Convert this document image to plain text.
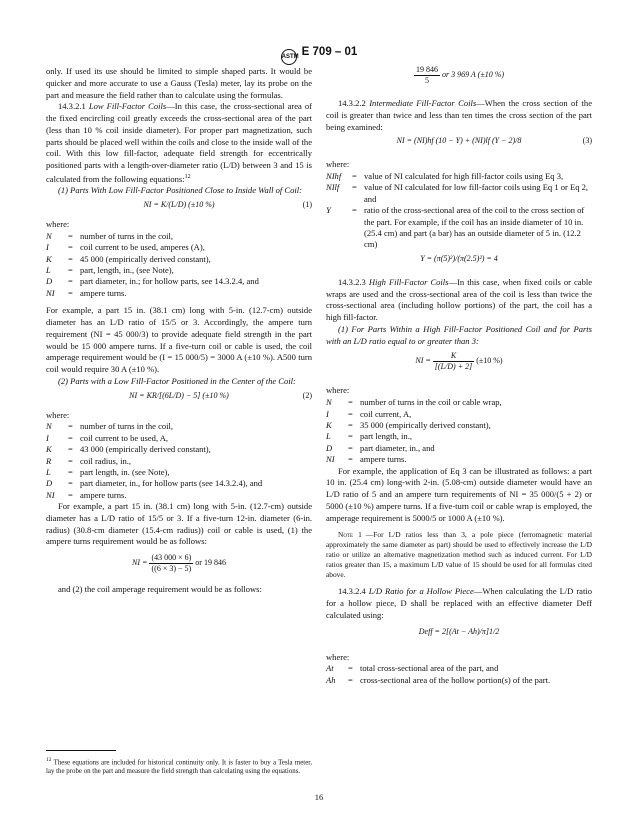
ASTM E 709 – 01

only. If used its use should be limited to simple shaped parts. It would be quicker and more accurate to use a Gauss (Tesla) meter, lay its probe on the part and measure the field rather than to calculate using the formulas.

14.3.2.1 Low Fill-Factor Coils—In this case, the cross-sectional area of the fixed encircling coil greatly exceeds the cross-sectional area of the part (less than 10 % coil inside diameter). For proper part magnetization, such parts should be placed well within the coils and close to the inside wall of the coil. With this low fill-factor, adequate field strength for eccentrically positioned parts with a length-over-diameter ratio (L/D) between 3 and 15 is calculated from the following equations:$^{12}$

(1) Parts With Low Fill-Factor Positioned Close to Inside Wall of Coil:

NI = K/(L/D) (±10 %)	(1)

where:

N	= number of turns in the coil,
I	= coil current to be used, amperes (A),
K	= 45 000 (empirically derived constant),
L	= part, length, in., (see Note),
D	= part diameter, in.; for hollow parts, see 14.3.2.4, and
NI	= ampere turns.

For example, a part 15 in. (38.1 cm) long with 5-in. (12.7-cm) outside diameter has an L/D ratio of 15/5 or 3. Accordingly, the ampere turn requirement (NI = 45 000/3) to provide adequate field strength in the part would be 15 000 ampere turns. If a five-turn coil or cable is used, the coil amperage requirement would be (I = 15 000/5) = 3000 A (±10 %). A500 turn coil would require 30 A (±10 %).

(2) Parts with a Low Fill-Factor Positioned in the Center of the Coil:

NI = KR/[(6L/D) − 5] (±10 %)	(2)

where:

N	= number of turns in the coil,
I	= coil current to be used, A,
K	= 43 000 (empirically derived constant),
R	= coil radius, in.,
L	= part length, in. (see Note),
D	= part diameter, in., for hollow parts (see 14.3.2.4), and
NI	= ampere turns.

For example, a part 15 in. (38.1 cm) long with 5-in. (12.7-cm) outside diameter has a L/D ratio of 15/5 or 3. If a five-turn 12-in. diameter (6-in. radius) (30.8-cm diameter (15.4-cm radius)) coil or cable is used, (1) the ampere turns requirement would be as follows:

NI = $\frac{(43 000 \times 6)}{((6 \times 3) - 5)}$ or 19 846

and (2) the coil amperage requirement would be as follows:

$\frac{19 846}{5}$ or 3 969 A (±10 %)

14.3.2.2 Intermediate Fill-Factor Coils—When the cross section of the coil is greater than twice and less than ten times the cross section of the part being examined:

NI = (NI)hf (10 − Y) + (NI)lf (Y − 2)/8	(3)

where:

NIhf	= value of NI calculated for high fill-factor coils using Eq 3,
NIlf	= value of NI calculated for low fill-factor coils using Eq 1 or Eq 2, and
Y	= ratio of the cross-sectional area of the coil to the cross section of the part. For example, if the coil has an inside diameter of 10 in. (25.4 cm) and part (a bar) has an outside diameter of 5 in. (12.2 cm)
Y = (π(5)²)/(π(2.5)²) = 4

14.3.2.3 High Fill-Factor Coils—In this case, when fixed coils or cable wraps are used and the cross-sectional area of the coil is less than twice the cross-sectional area (including hollow portions) of the part, the coil has a high fill-factor.

(1) For Parts Within a High Fill-Factor Positioned Coil and for Parts with an L/D ratio equal to or greater than 3:

NI = $\frac{K}{[(L/D) + 2]} (\pm 10$ %)

where:

N	= number of turns in the coil or cable wrap,
I	= coil current, A,
K	= 35 000 (empirically derived constant),
L	= part length, in.,
D	= part diameter, in., and
NI	= ampere turns.

For example, the application of Eq 3 can be illustrated as follows: a part 10 in. (25.4 cm) long-with 2-in. (5.08-cm) outside diameter would have an L/D ratio of 5 and an ampere turn requirements of NI = 35 000/(5 + 2) or 5000 (±10 %) ampere turns. If a five-turn coil or cable wrap is employed, the amperage requirement is 5000/5 or 1000 A (±10 %).

Note 1 —For L/D ratios less than 3, a pole piece (ferromagnetic material approximately the same diameter as part) should be used to effectively increase the L/D ratio or utilize an alternative magnetization method such as induced current. For L/D ratios greater than 15, a maximum L/D value of 15 should be used for all formulas cited above.

14.3.2.4 L/D Ratio for a Hollow Piece—When calculating the L/D ratio for a hollow piece, D shall be replaced with an effective diameter Deff calculated using:

Deff = 2[(At − Ah)/π]1/2

where:

At	= total cross-sectional area of the part, and
Ah	= cross-sectional area of the hollow portion(s) of the part.
$^{12}$ These equations are included for historical continuity only. It is faster to buy a Tesla meter, lay the probe on the part and measure the field strength than calculating using the equations.
16
